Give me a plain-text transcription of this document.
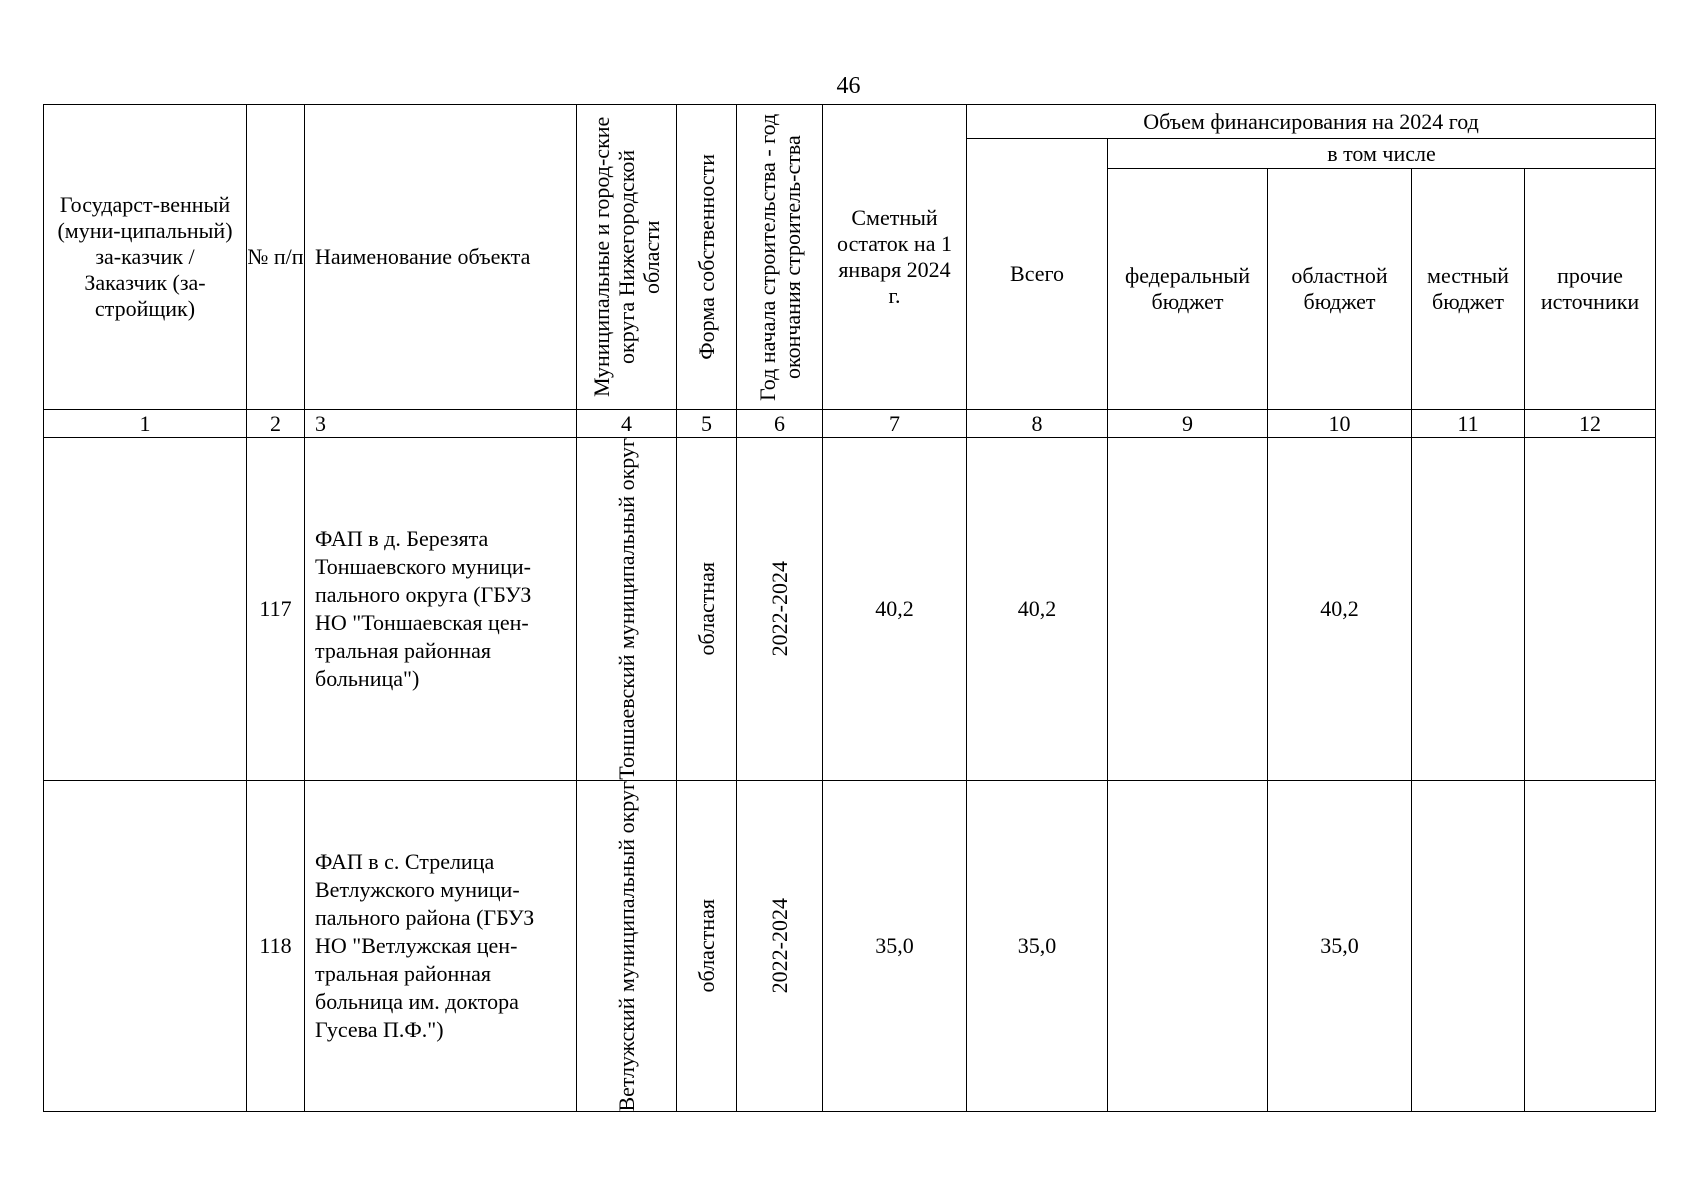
46
Государст-венный (муни-ципальный) за-казчик / Заказчик (за-стройщик)	№ п/п	Наименование объекта	Муниципальные и город-ские округа Нижегородской области	Форма собственности	Год начала строительства - год окончания строитель-ства	Сметный остаток на 1 января 2024 г.	Объем финансирования на 2024 год				
							Всего	в том числе			
								федеральный бюджет	областной бюджет	местный бюджет	прочие источники
1	2	3	4	5	6	7	8	9	10	11	12
	117	ФАП в д. Березята Тоншаевского муници-пального округа (ГБУЗ НО "Тоншаевская цен-тральная районная больница")	Тоншаевский муниципальный округ	областная	2022-2024	40,2	40,2		40,2		
	118	ФАП в с. Стрелица Ветлужского муници-пального района (ГБУЗ НО "Ветлужская цен-тральная районная больница им. доктора Гусева П.Ф.")	Ветлужский муниципальный округ	областная	2022-2024	35,0	35,0		35,0		
